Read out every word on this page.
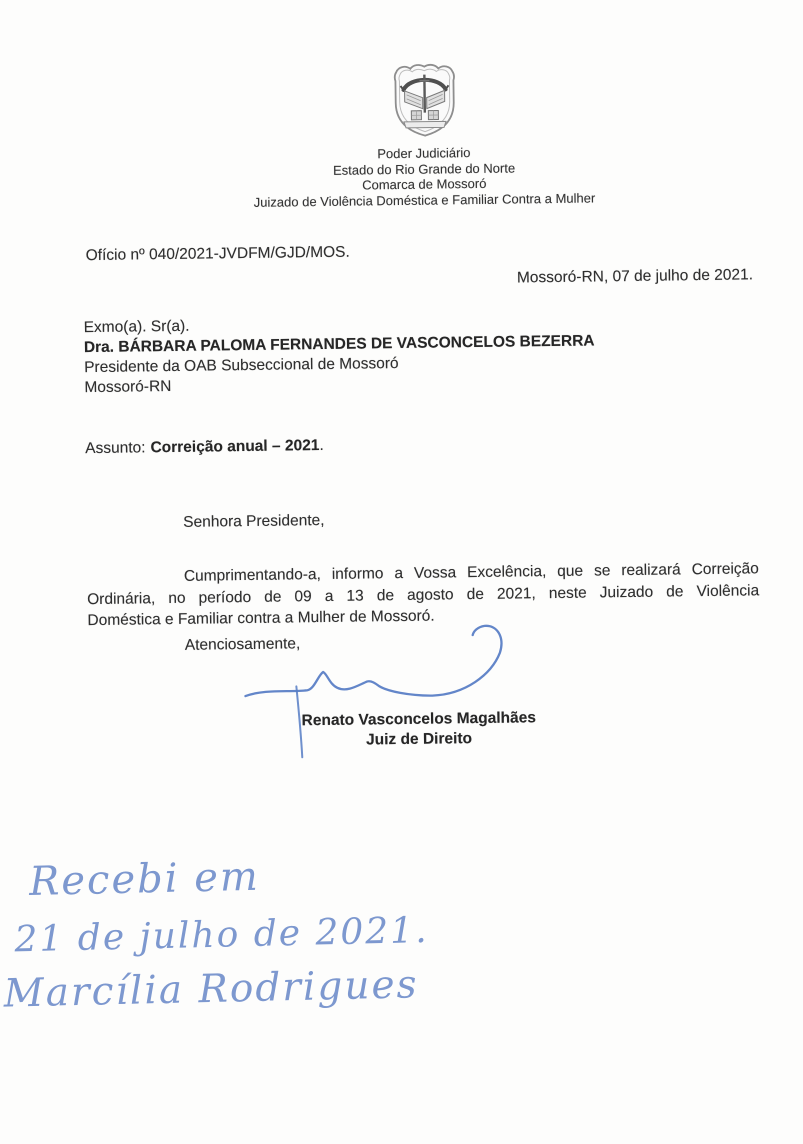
Poder Judiciário
Estado do Rio Grande do Norte
Comarca de Mossoró
Juizado de Violência Doméstica e Familiar Contra a Mulher
Ofício nº 040/2021-JVDFM/GJD/MOS.
Mossoró-RN, 07 de julho de 2021.
Exmo(a). Sr(a).
Dra. BÁRBARA PALOMA FERNANDES DE VASCONCELOS BEZERRA
Presidente da OAB Subseccional de Mossoró
Mossoró-RN
Assunto: Correição anual – 2021.
Senhora Presidente,
Cumprimentando-a, informo a Vossa Excelência, que se realizará Correição
Ordinária, no período de 09 a 13 de agosto de 2021, neste Juizado de Violência
Doméstica e Familiar contra a Mulher de Mossoró.
Atenciosamente,
Renato Vasconcelos Magalhães
Juiz de Direito
Recebi em
21 de julho de 2021.
Marcília Rodrigues
